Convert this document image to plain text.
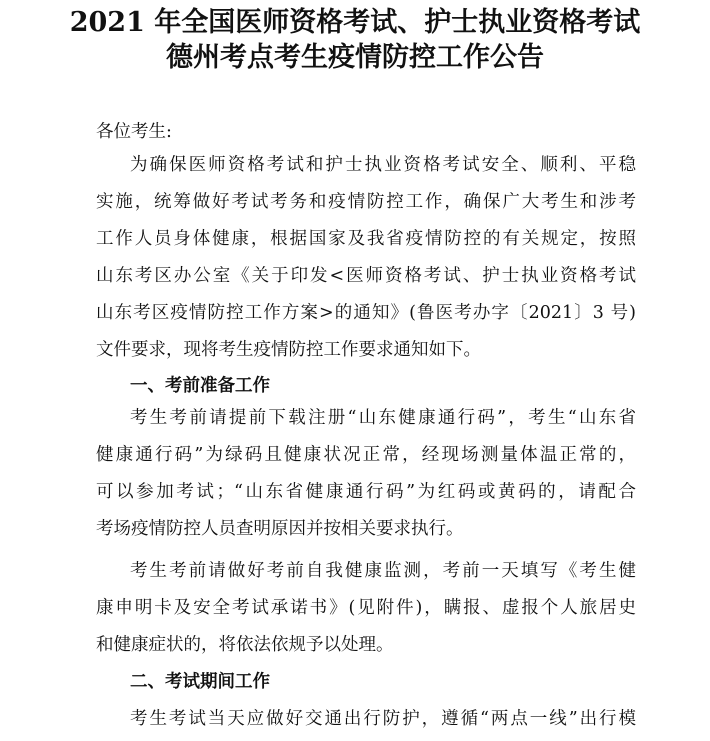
2021 年全国医师资格考试、护士执业资格考试
德州考点考生疫情防控工作公告
各位考生:
为确保医师资格考试和护士执业资格考试安全、顺利、平稳
实施，统筹做好考试考务和疫情防控工作，确保广大考生和涉考
工作人员身体健康，根据国家及我省疫情防控的有关规定，按照
山东考区办公室《关于印发<医师资格考试、护士执业资格考试
山东考区疫情防控工作方案>的通知》(鲁医考办字〔2021〕3 号)
文件要求，现将考生疫情防控工作要求通知如下。
一、考前准备工作
考生考前请提前下载注册“山东健康通行码”，考生“山东省
健康通行码”为绿码且健康状况正常，经现场测量体温正常的，
可以参加考试；“山东省健康通行码”为红码或黄码的，请配合
考场疫情防控人员查明原因并按相关要求执行。
考生考前请做好考前自我健康监测，考前一天填写《考生健
康申明卡及安全考试承诺书》(见附件)，瞒报、虚报个人旅居史
和健康症状的，将依法依规予以处理。
二、考试期间工作
考生考试当天应做好交通出行防护，遵循“两点一线”出行模
